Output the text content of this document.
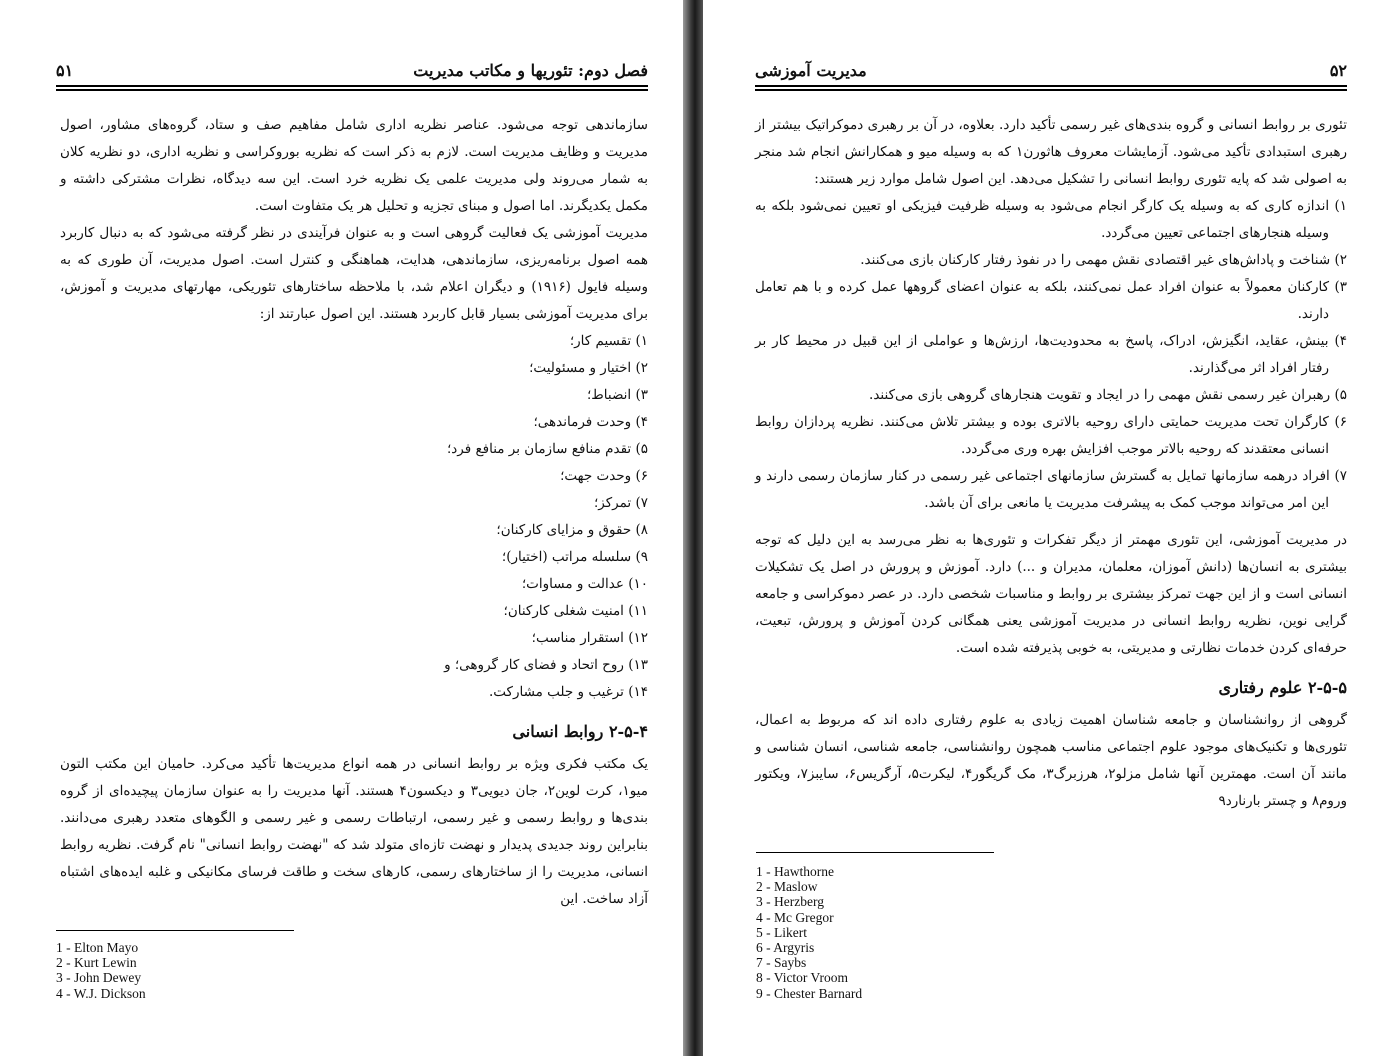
۵۱	فصل دوم: تئوریها و مکاتب مدیریت

سازماندهی توجه می‌شود. عناصر نظریه اداری شامل مفاهیم صف و ستاد، گروه‌های مشاور، اصول مدیریت و وظایف مدیریت است. لازم به ذکر است که نظریه بوروکراسی و نظریه اداری، دو نظریه کلان به شمار می‌روند ولی مدیریت علمی یک نظریه خرد است. این سه دیدگاه، نظرات مشترکی داشته و مکمل یکدیگرند. اما اصول و مبنای تجزیه و تحلیل هر یک متفاوت است.

مدیریت آموزشی یک فعالیت گروهی است و به عنوان فرآیندی در نظر گرفته می‌شود که به دنبال کاربرد همه اصول برنامه‌ریزی، سازماندهی، هدایت، هماهنگی و کنترل است. اصول مدیریت، آن طوری که به وسیله فایول (۱۹۱۶) و دیگران اعلام شد، با ملاحظه ساختارهای تئوریکی، مهارتهای مدیریت و آموزش، برای مدیریت آموزشی بسیار قابل کاربرد هستند. این اصول عبارتند از:

۱) تقسیم کار؛
۲) اختیار و مسئولیت؛
۳) انضباط؛
۴) وحدت فرماندهی؛
۵) تقدم منافع سازمان بر منافع فرد؛
۶) وحدت جهت؛
۷) تمرکز؛
۸) حقوق و مزایای کارکنان؛
۹) سلسله مراتب (اختیار)؛
۱۰) عدالت و مساوات؛
۱۱) امنیت شغلی کارکنان؛
۱۲) استقرار مناسب؛
۱۳) روح اتحاد و فضای کار گروهی؛ و
۱۴) ترغیب و جلب مشارکت.
۲-۵-۴ روابط انسانی

یک مکتب فکری ویژه بر روابط انسانی در همه انواع مدیریت‌ها تأکید می‌کرد. حامیان این مکتب التون میو۱، کرت لوین۲، جان دیویی۳ و دیکسون۴ هستند. آنها مدیریت را به عنوان سازمان پیچیده‌ای از گروه بندی‌ها و روابط رسمی و غیر رسمی، ارتباطات رسمی و غیر رسمی و الگوهای متعدد رهبری می‌دانند. بنابراین روند جدیدی پدیدار و نهضت تازه‌ای متولد شد که "نهضت روابط انسانی" نام گرفت. نظریه روابط انسانی، مدیریت را از ساختارهای رسمی، کارهای سخت و طاقت فرسای مکانیکی و غلبه ایده‌های اشتباه آزاد ساخت. این

1 - Elton Mayo
2 - Kurt Lewin
3 - John Dewey
4 - W.J. Dickson
مدیریت آموزشی	۵۲

تئوری بر روابط انسانی و گروه بندی‌های غیر رسمی تأکید دارد. بعلاوه، در آن بر رهبری دموکراتیک بیشتر از رهبری استبدادی تأکید می‌شود. آزمایشات معروف هاثورن۱ که به وسیله میو و همکارانش انجام شد منجر به اصولی شد که پایه تئوری روابط انسانی را تشکیل می‌دهد. این اصول شامل موارد زیر هستند:

۱) اندازه کاری که به وسیله یک کارگر انجام می‌شود به وسیله ظرفیت فیزیکی او تعیین نمی‌شود بلکه به وسیله هنجارهای اجتماعی تعیین می‌گردد.
۲) شناخت و پاداش‌های غیر اقتصادی نقش مهمی را در نفوذ رفتار کارکنان بازی می‌کنند.
۳) کارکنان معمولاً به عنوان افراد عمل نمی‌کنند، بلکه به عنوان اعضای گروهها عمل کرده و با هم تعامل دارند.
۴) بینش، عقاید، انگیزش، ادراک، پاسخ به محدودیت‌ها، ارزش‌ها و عواملی از این قبیل در محیط کار بر رفتار افراد اثر می‌گذارند.
۵) رهبران غیر رسمی نقش مهمی را در ایجاد و تقویت هنجارهای گروهی بازی می‌کنند.
۶) کارگران تحت مدیریت حمایتی دارای روحیه بالاتری بوده و بیشتر تلاش می‌کنند. نظریه پردازان روابط انسانی معتقدند که روحیه بالاتر موجب افزایش بهره وری می‌گردد.
۷) افراد درهمه سازمانها تمایل به گسترش سازمانهای اجتماعی غیر رسمی در کنار سازمان رسمی دارند و این امر می‌تواند موجب کمک به پیشرفت مدیریت یا مانعی برای آن باشد.

در مدیریت آموزشی، این تئوری مهمتر از دیگر تفکرات و تئوری‌ها به نظر می‌رسد به این دلیل که توجه بیشتری به انسان‌ها (دانش آموزان، معلمان، مدیران و ...) دارد. آموزش و پرورش در اصل یک تشکیلات انسانی است و از این جهت تمرکز بیشتری بر روابط و مناسبات شخصی دارد. در عصر دموکراسی و جامعه گرایی نوین، نظریه روابط انسانی در مدیریت آموزشی یعنی همگانی کردن آموزش و پرورش، تبعیت، حرفه‌ای کردن خدمات نظارتی و مدیریتی، به خوبی پذیرفته شده است.

۲-۵-۵ علوم رفتاری

گروهی از روانشناسان و جامعه شناسان اهمیت زیادی به علوم رفتاری داده اند که مربوط به اعمال، تئوری‌ها و تکنیک‌های موجود علوم اجتماعی مناسب همچون روانشناسی، جامعه شناسی، انسان شناسی و مانند آن است. مهمترین آنها شامل مزلو۲، هرزبرگ۳، مک گریگور۴، لیکرت۵، آرگریس۶، سایبز۷، ویکتور وروم۸ و چستر بارنارد۹

1 - Hawthorne
2 - Maslow
3 - Herzberg
4 - Mc Gregor
5 - Likert
6 - Argyris
7 - Saybs
8 - Victor Vroom
9 - Chester Barnard
